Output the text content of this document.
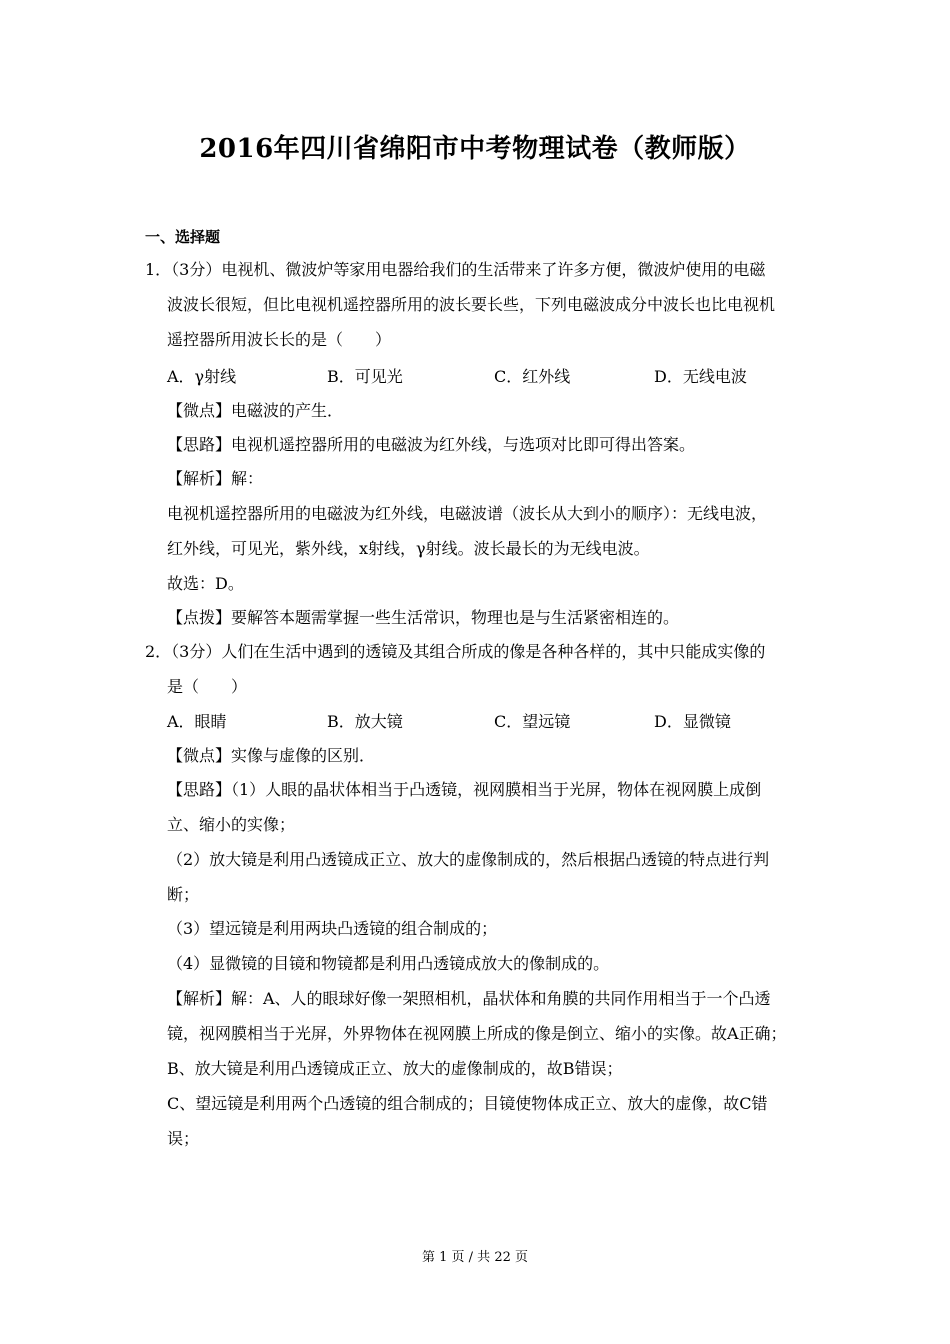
2016年四川省绵阳市中考物理试卷（教师版）
一、选择题
1．（3分）电视机、微波炉等家用电器给我们的生活带来了许多方便，微波炉使用的电磁
波波长很短，但比电视机遥控器所用的波长要长些，下列电磁波成分中波长也比电视机
遥控器所用波长长的是（　　）
A．γ射线	B．可见光	C．红外线	D．无线电波
【微点】电磁波的产生．
【思路】电视机遥控器所用的电磁波为红外线，与选项对比即可得出答案。
【解析】解：
电视机遥控器所用的电磁波为红外线，电磁波谱（波长从大到小的顺序）：无线电波，
红外线，可见光，紫外线，x射线，γ射线。波长最长的为无线电波。
故选：D。
【点拨】要解答本题需掌握一些生活常识，物理也是与生活紧密相连的。
2．（3分）人们在生活中遇到的透镜及其组合所成的像是各种各样的，其中只能成实像的
是（　　）
A．眼睛	B．放大镜	C．望远镜	D．显微镜
【微点】实像与虚像的区别．
【思路】（1）人眼的晶状体相当于凸透镜，视网膜相当于光屏，物体在视网膜上成倒
立、缩小的实像；
（2）放大镜是利用凸透镜成正立、放大的虚像制成的，然后根据凸透镜的特点进行判
断；
（3）望远镜是利用两块凸透镜的组合制成的；
（4）显微镜的目镜和物镜都是利用凸透镜成放大的像制成的。
【解析】解：A、人的眼球好像一架照相机，晶状体和角膜的共同作用相当于一个凸透
镜，视网膜相当于光屏，外界物体在视网膜上所成的像是倒立、缩小的实像。故A正确；
B、放大镜是利用凸透镜成正立、放大的虚像制成的，故B错误；
C、望远镜是利用两个凸透镜的组合制成的；目镜使物体成正立、放大的虚像，故C错
误；
第 1 页 / 共 22 页
